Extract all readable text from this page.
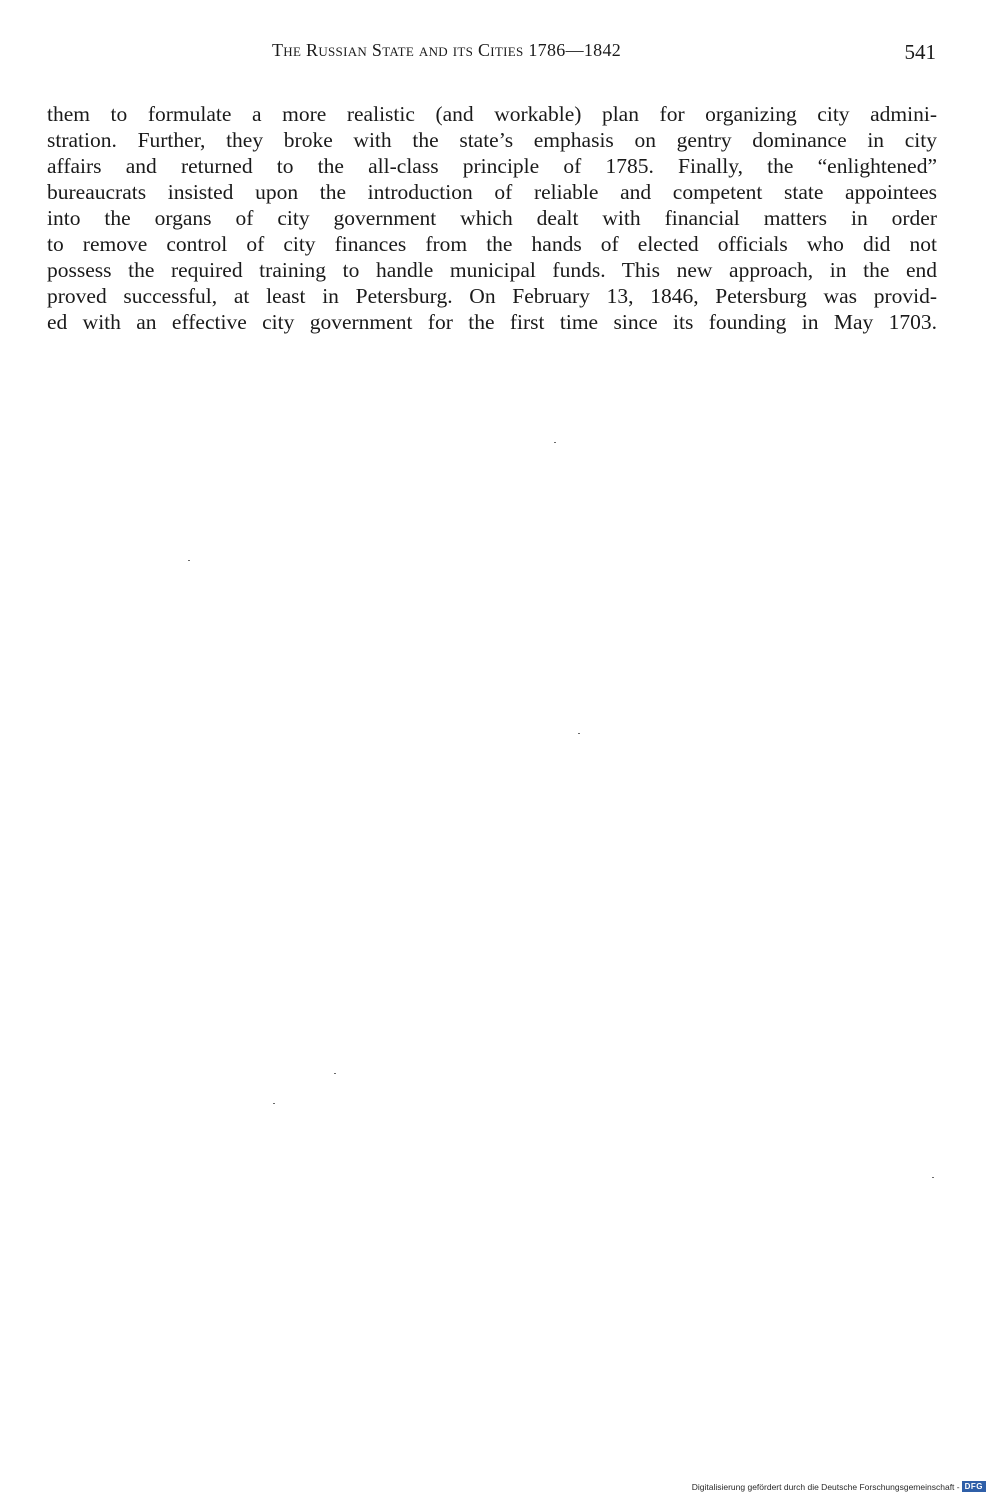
The Russian State and its Cities 1786—1842	541
them to formulate a more realistic (and workable) plan for organizing city admini-
stration. Further, they broke with the state’s emphasis on gentry dominance in city
affairs and returned to the all-class principle of 1785. Finally, the “enlightened”
bureaucrats insisted upon the introduction of reliable and competent state appointees
into the organs of city government which dealt with financial matters in order
to remove control of city finances from the hands of elected officials who did not
possess the required training to handle municipal funds. This new approach, in the end
proved successful, at least in Petersburg. On February 13, 1846, Petersburg was provid-
ed with an effective city government for the first time since its founding in May 1703.
Digitalisierung gefördert durch die Deutsche Forschungsgemeinschaft - DFG
